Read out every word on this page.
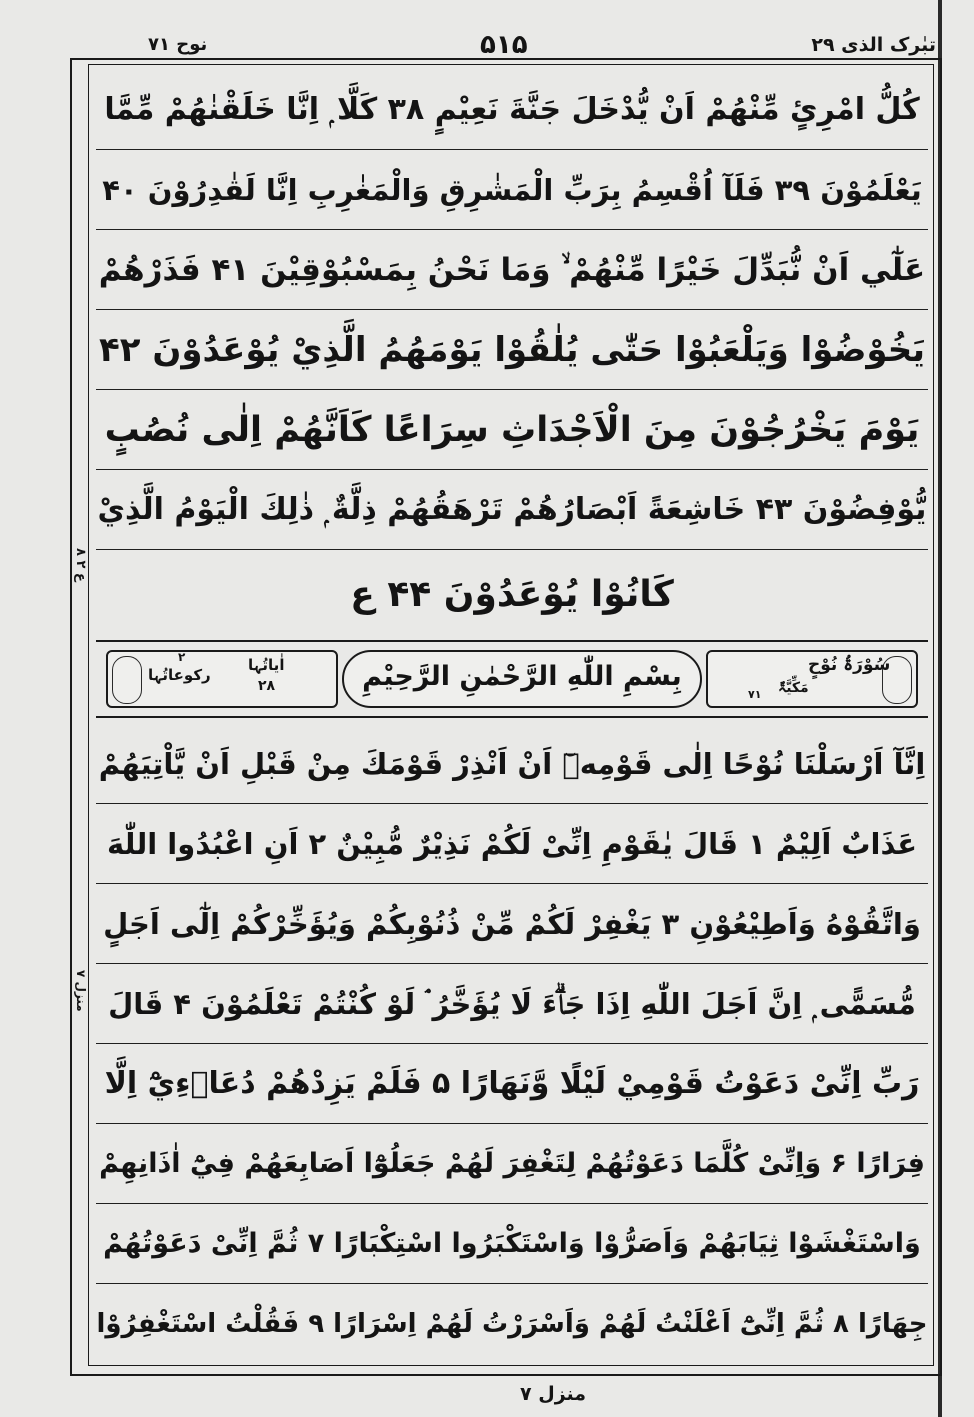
نوح ۷۱	۵۱۵	تبٰرک الذی ۲۹
ع ۲ ۸
منزل ۷
كُلُّ امْرِئٍ مِّنْهُمْ اَنْ يُّدْخَلَ جَنَّةَ نَعِيْمٍ ۳۸ كَلَّا ۭ اِنَّا خَلَقْنٰهُمْ مِّمَّا
يَعْلَمُوْنَ ۳۹ فَلَآ اُقْسِمُ بِرَبِّ الْمَشٰرِقِ وَالْمَغٰرِبِ اِنَّا لَقٰدِرُوْنَ ۴۰
عَلٰٓي اَنْ نُّبَدِّلَ خَيْرًا مِّنْهُمْ ۙ وَمَا نَحْنُ بِمَسْبُوْقِيْنَ ۴۱ فَذَرْهُمْ
يَخُوْضُوْا وَيَلْعَبُوْا حَتّٰى يُلٰقُوْا يَوْمَهُمُ الَّذِيْ يُوْعَدُوْنَ ۴۲
يَوْمَ يَخْرُجُوْنَ مِنَ الْاَجْدَاثِ سِرَاعًا كَاَنَّهُمْ اِلٰى نُصُبٍ
يُّوْفِضُوْنَ ۴۳ خَاشِعَةً اَبْصَارُهُمْ تَرْهَقُهُمْ ذِلَّةٌ ۭ ذٰلِكَ الْيَوْمُ الَّذِيْ
كَانُوْا يُوْعَدُوْنَ ۴۴ ع
اٰیاتُہا
۲۸
۲
رکوعاتُہا	بِسْمِ اللّٰهِ الرَّحْمٰنِ الرَّحِيْمِ	سُوْرَۃُ نُوْحٍ
مَکِّیَّۃٌ
۷۱
اِنَّآ اَرْسَلْنَا نُوْحًا اِلٰى قَوْمِهٖٓ اَنْ اَنْذِرْ قَوْمَكَ مِنْ قَبْلِ اَنْ يَّاْتِيَهُمْ
عَذَابٌ اَلِيْمٌ ۱ قَالَ يٰقَوْمِ اِنِّىْ لَكُمْ نَذِيْرٌ مُّبِيْنٌ ۲ اَنِ اعْبُدُوا اللّٰهَ
وَاتَّقُوْهُ وَاَطِيْعُوْنِ ۳ يَغْفِرْ لَكُمْ مِّنْ ذُنُوْبِكُمْ وَيُؤَخِّرْكُمْ اِلٰٓى اَجَلٍ
مُّسَمًّى ۭ اِنَّ اَجَلَ اللّٰهِ اِذَا جَاۗءَ لَا يُؤَخَّرُ ۘ لَوْ كُنْتُمْ تَعْلَمُوْنَ ۴ قَالَ
رَبِّ اِنِّىْ دَعَوْتُ قَوْمِيْ لَيْلًا وَّنَهَارًا ۵ فَلَمْ يَزِدْهُمْ دُعَاۗءِيْٓ اِلَّا
فِرَارًا ۶ وَاِنِّىْ كُلَّمَا دَعَوْتُهُمْ لِتَغْفِرَ لَهُمْ جَعَلُوْٓا اَصَابِعَهُمْ فِيْٓ اٰذَانِهِمْ
وَاسْتَغْشَوْا ثِيَابَهُمْ وَاَصَرُّوْا وَاسْتَكْبَرُوا اسْتِكْبَارًا ۷ ثُمَّ اِنِّىْ دَعَوْتُهُمْ
جِهَارًا ۸ ثُمَّ اِنِّىْٓ اَعْلَنْتُ لَهُمْ وَاَسْرَرْتُ لَهُمْ اِسْرَارًا ۹ فَقُلْتُ اسْتَغْفِرُوْا
منزل ۷
